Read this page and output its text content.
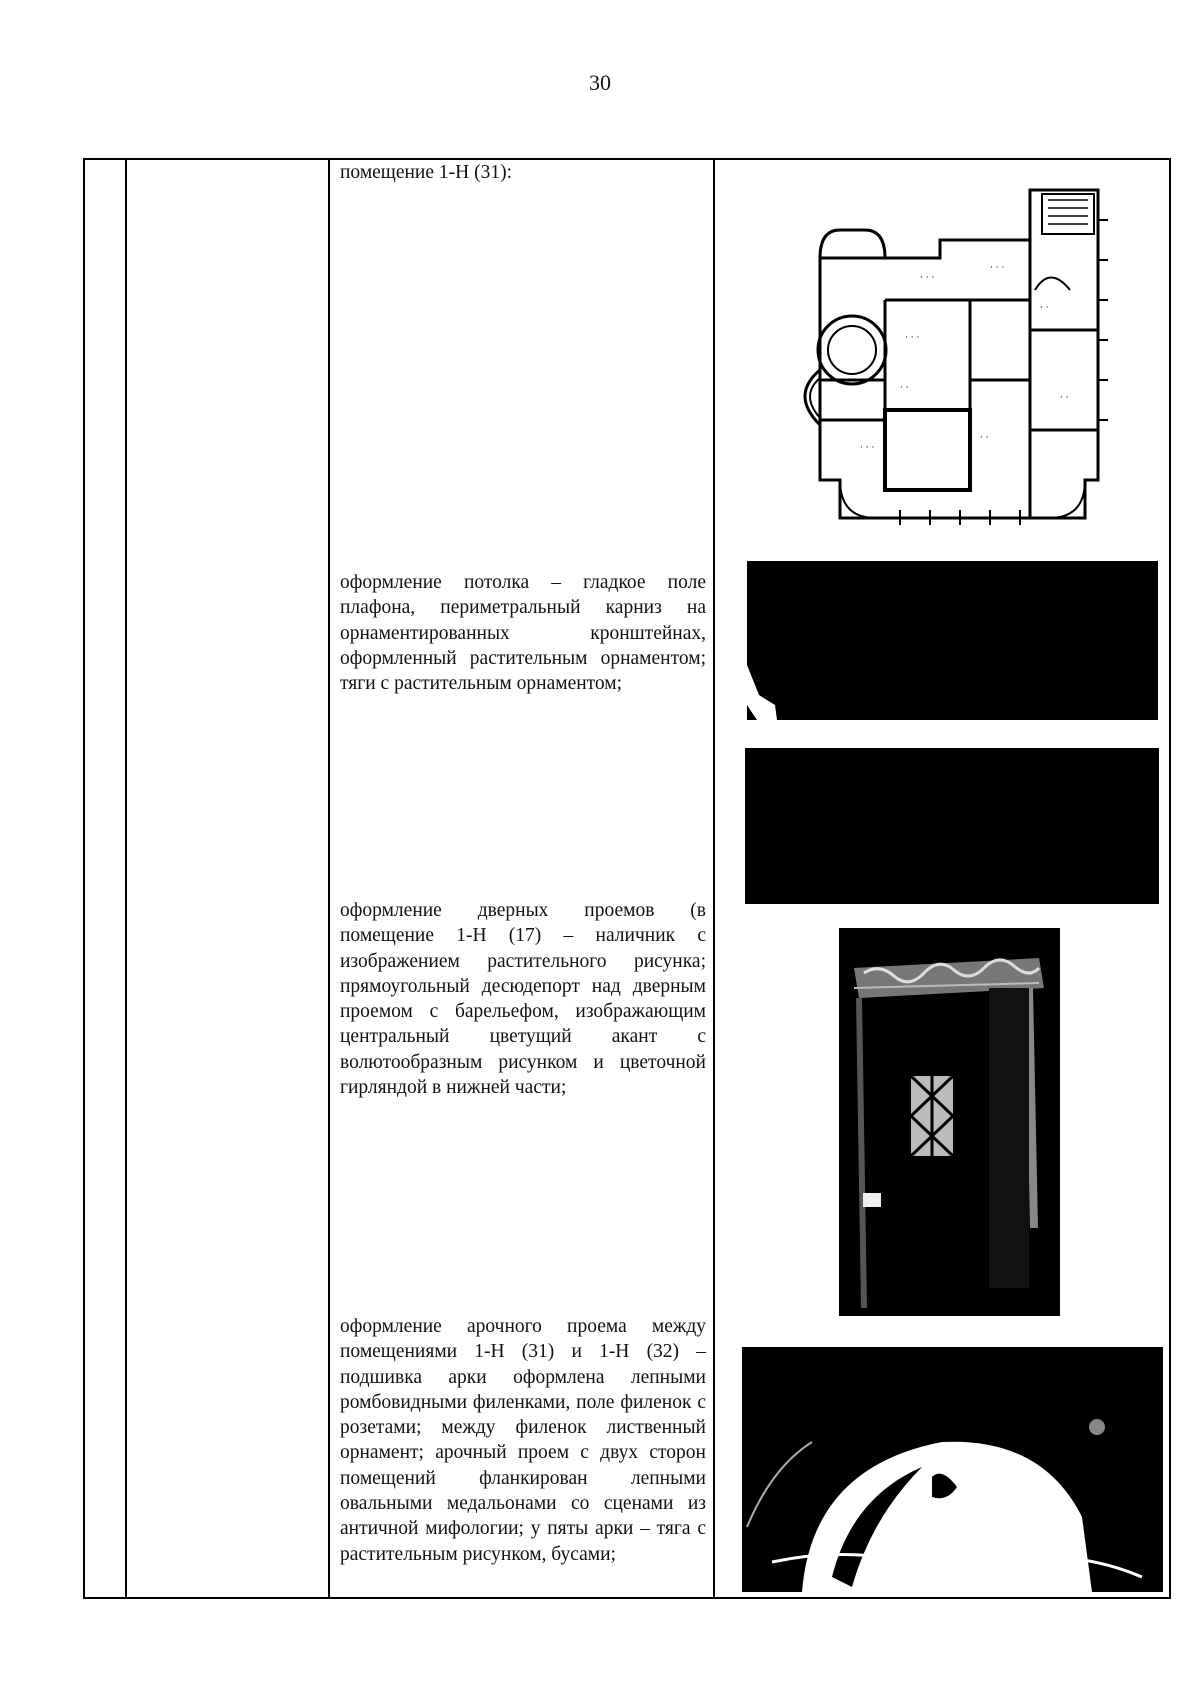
30
помещение 1-Н (31):
оформление потолка – гладкое поле плафона, периметральный карниз на орнаментированных кронштейнах, оформленный растительным орнаментом; тяги с растительным орнаментом;
оформление дверных проемов (в помещение 1-Н (17) – наличник с изображением растительного рисунка; прямоугольный десюдепорт над дверным проемом с барельефом, изображающим центральный цветущий акант с волютообразным рисунком и цветочной гирляндой в нижней части;
оформление арочного проема между помещениями 1-Н (31) и 1-Н (32) – подшивка арки оформлена лепными ромбовидными филенками, поле филенок с розетами; между филенок лиственный орнамент; арочный проем с двух сторон помещений фланкирован лепными овальными медальонами со сценами из античной мифологии; у пяты арки – тяга с растительным рисунком, бусами;
· · ·
· · ·
· · ·
· ·
· ·
· ·
· · ·
· ·
